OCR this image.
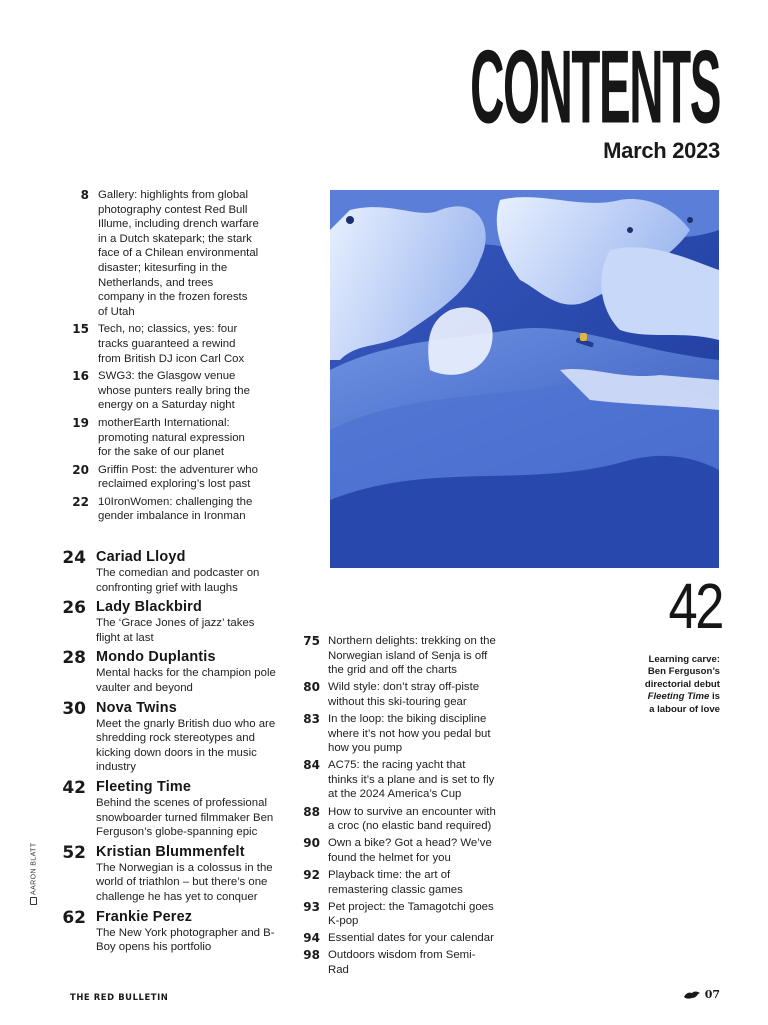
CONTENTS
March 2023
8 Gallery: highlights from global photography contest Red Bull Illume, including drench warfare in a Dutch skatepark; the stark face of a Chilean environmental disaster; kitesurfing in the Netherlands, and trees company in the frozen forests of Utah
15 Tech, no; classics, yes: four tracks guaranteed a rewind from British DJ icon Carl Cox
16 SWG3: the Glasgow venue whose punters really bring the energy on a Saturday night
19 motherEarth International: promoting natural expression for the sake of our planet
20 Griffin Post: the adventurer who reclaimed exploring’s lost past
22 10IronWomen: challenging the gender imbalance in Ironman
24 Cariad Lloyd
The comedian and podcaster on confronting grief with laughs
26 Lady Blackbird
The ‘Grace Jones of jazz’ takes flight at last
28 Mondo Duplantis
Mental hacks for the champion pole vaulter and beyond
30 Nova Twins
Meet the gnarly British duo who are shredding rock stereotypes and kicking down doors in the music industry
42 Fleeting Time
Behind the scenes of professional snowboarder turned filmmaker Ben Ferguson’s globe-spanning epic
52 Kristian Blummenfelt
The Norwegian is a colossus in the world of triathlon – but there’s one challenge he has yet to conquer
62 Frankie Perez
The New York photographer and B-Boy opens his portfolio
42
Learning carve:
Ben Ferguson’s
directorial debut
Fleeting Time is
a labour of love
75 Northern delights: trekking on the Norwegian island of Senja is off the grid and off the charts
80 Wild style: don’t stray off-piste without this ski-touring gear
83 In the loop: the biking discipline where it’s not how you pedal but how you pump
84 AC75: the racing yacht that thinks it’s a plane and is set to fly at the 2024 America’s Cup
88 How to survive an encounter with a croc (no elastic band required)
90 Own a bike? Got a head? We’ve found the helmet for you
92 Playback time: the art of remastering classic games
93 Pet project: the Tamagotchi goes K-pop
94 Essential dates for your calendar
98 Outdoors wisdom from Semi-Rad
AARON BLATT
THE RED BULLETIN	07
